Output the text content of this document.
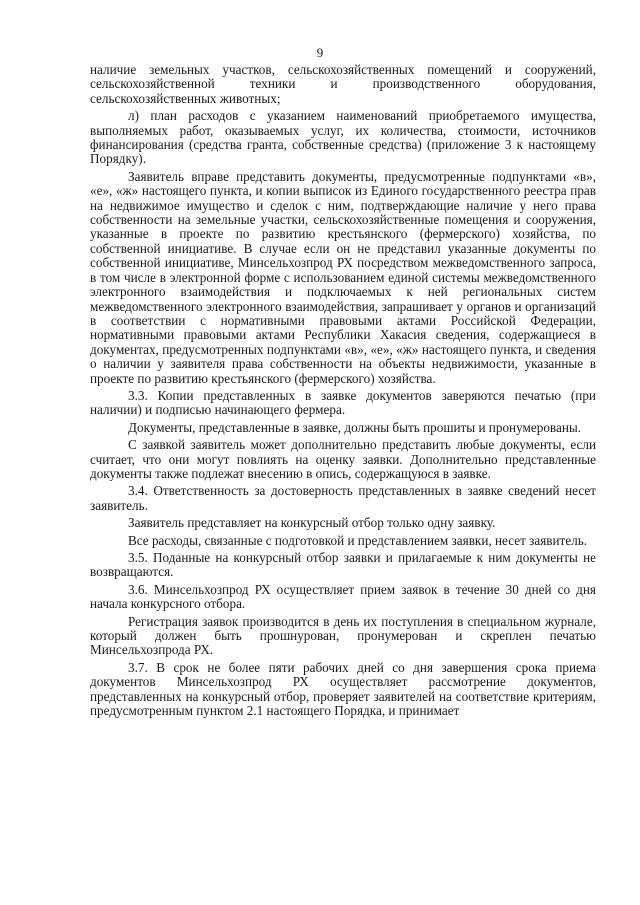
9

наличие земельных участков, сельскохозяйственных помещений и сооружений, сельскохозяйственной техники и производственного оборудования, сельскохозяйственных животных;

л) план расходов с указанием наименований приобретаемого имущества, выполняемых работ, оказываемых услуг, их количества, стоимости, источников финансирования (средства гранта, собственные средства) (приложение 3 к настоящему Порядку).

Заявитель вправе представить документы, предусмотренные подпунктами «в», «е», «ж» настоящего пункта, и копии выписок из Единого государственного реестра прав на недвижимое имущество и сделок с ним, подтверждающие наличие у него права собственности на земельные участки, сельскохозяйственные помещения и сооружения, указанные в проекте по развитию крестьянского (фермерского) хозяйства, по собственной инициативе. В случае если он не представил указанные документы по собственной инициативе, Минсельхозпрод РХ посредством межведомственного запроса, в том числе в электронной форме с использованием единой системы межведомственного электронного взаимодействия и подключаемых к ней региональных систем межведомственного электронного взаимодействия, запрашивает у органов и организаций в соответствии с нормативными правовыми актами Российской Федерации, нормативными правовыми актами Республики Хакасия сведения, содержащиеся в документах, предусмотренных подпунктами «в», «е», «ж» настоящего пункта, и сведения о наличии у заявителя права собственности на объекты недвижимости, указанные в проекте по развитию крестьянского (фермерского) хозяйства.

3.3. Копии представленных в заявке документов заверяются печатью (при наличии) и подписью начинающего фермера.

Документы, представленные в заявке, должны быть прошиты и пронумерованы.

С заявкой заявитель может дополнительно представить любые документы, если считает, что они могут повлиять на оценку заявки. Дополнительно представленные документы также подлежат внесению в опись, содержащуюся в заявке.

3.4. Ответственность за достоверность представленных в заявке сведений несет заявитель.

Заявитель представляет на конкурсный отбор только одну заявку.

Все расходы, связанные с подготовкой и представлением заявки, несет заявитель.

3.5. Поданные на конкурсный отбор заявки и прилагаемые к ним документы не возвращаются.

3.6. Минсельхозпрод РХ осуществляет прием заявок в течение 30 дней со дня начала конкурсного отбора.

Регистрация заявок производится в день их поступления в специальном журнале, который должен быть прошнурован, пронумерован и скреплен печатью Минсельхозпрода РХ.

3.7. В срок не более пяти рабочих дней со дня завершения срока приема документов Минсельхозпрод РХ осуществляет рассмотрение документов, представленных на конкурсный отбор, проверяет заявителей на соответствие критериям, предусмотренным пунктом 2.1 настоящего Порядка, и принимает
